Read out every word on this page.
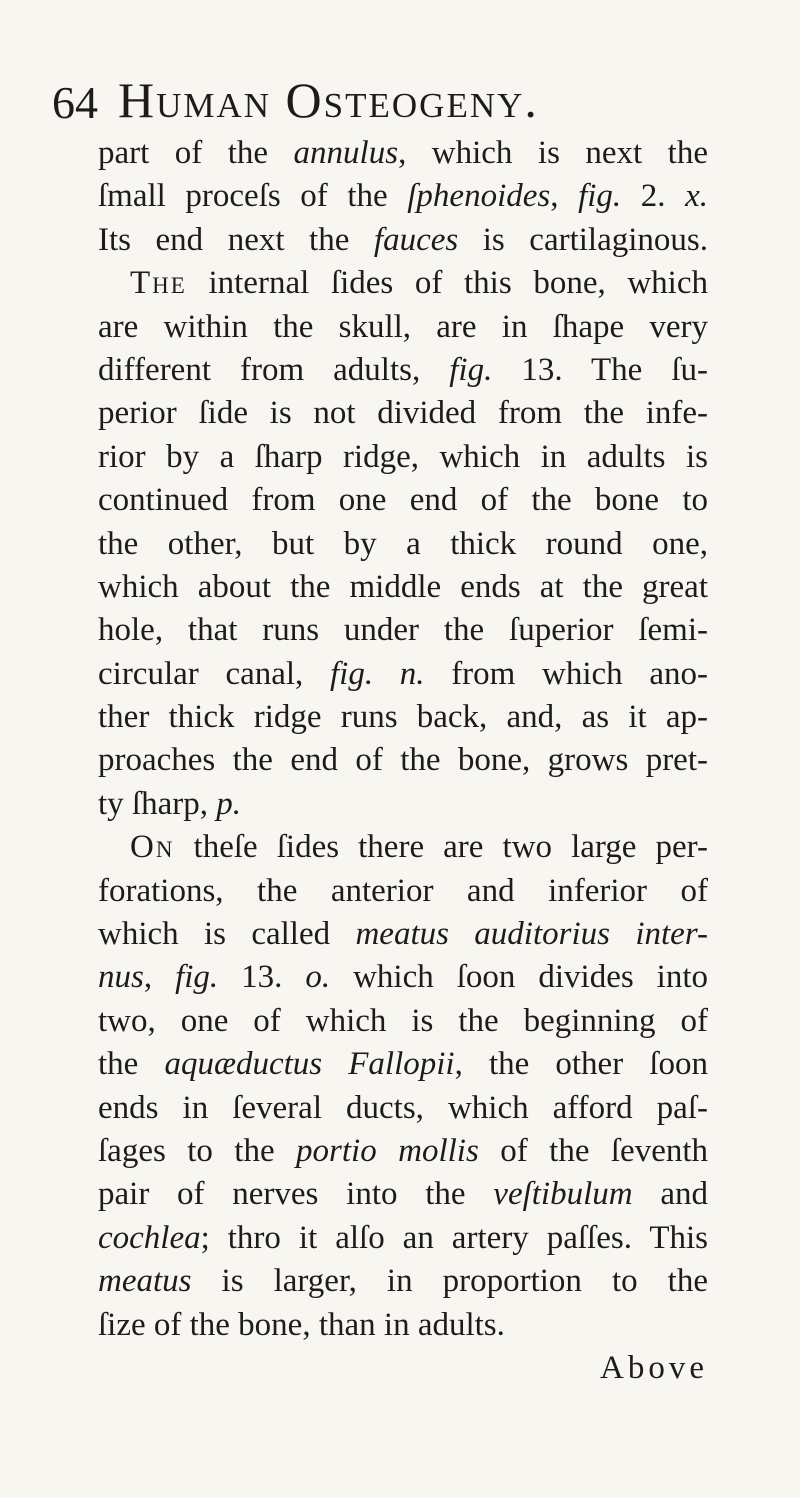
64 Human Osteogeny.
part of the annulus, which is next the
ſmall proceſs of the ſphenoides, fig. 2. x.
Its end next the fauces is cartilaginous.
The internal ſides of this bone, which
are within the skull, are in ſhape very
different from adults, fig. 13. The ſu-
perior ſide is not divided from the infe-
rior by a ſharp ridge, which in adults is
continued from one end of the bone to
the other, but by a thick round one,
which about the middle ends at the great
hole, that runs under the ſuperior ſemi-
circular canal, fig. n. from which ano-
ther thick ridge runs back, and, as it ap-
proaches the end of the bone, grows pret-
ty ſharp, p.
On theſe ſides there are two large per-
forations, the anterior and inferior of
which is called meatus auditorius inter-
nus, fig. 13. o. which ſoon divides into
two, one of which is the beginning of
the aquæductus Fallopii, the other ſoon
ends in ſeveral ducts, which afford paſ-
ſages to the portio mollis of the ſeventh
pair of nerves into the veſtibulum and
cochlea; thro it alſo an artery paſſes. This
meatus is larger, in proportion to the
ſize of the bone, than in adults.
Above
